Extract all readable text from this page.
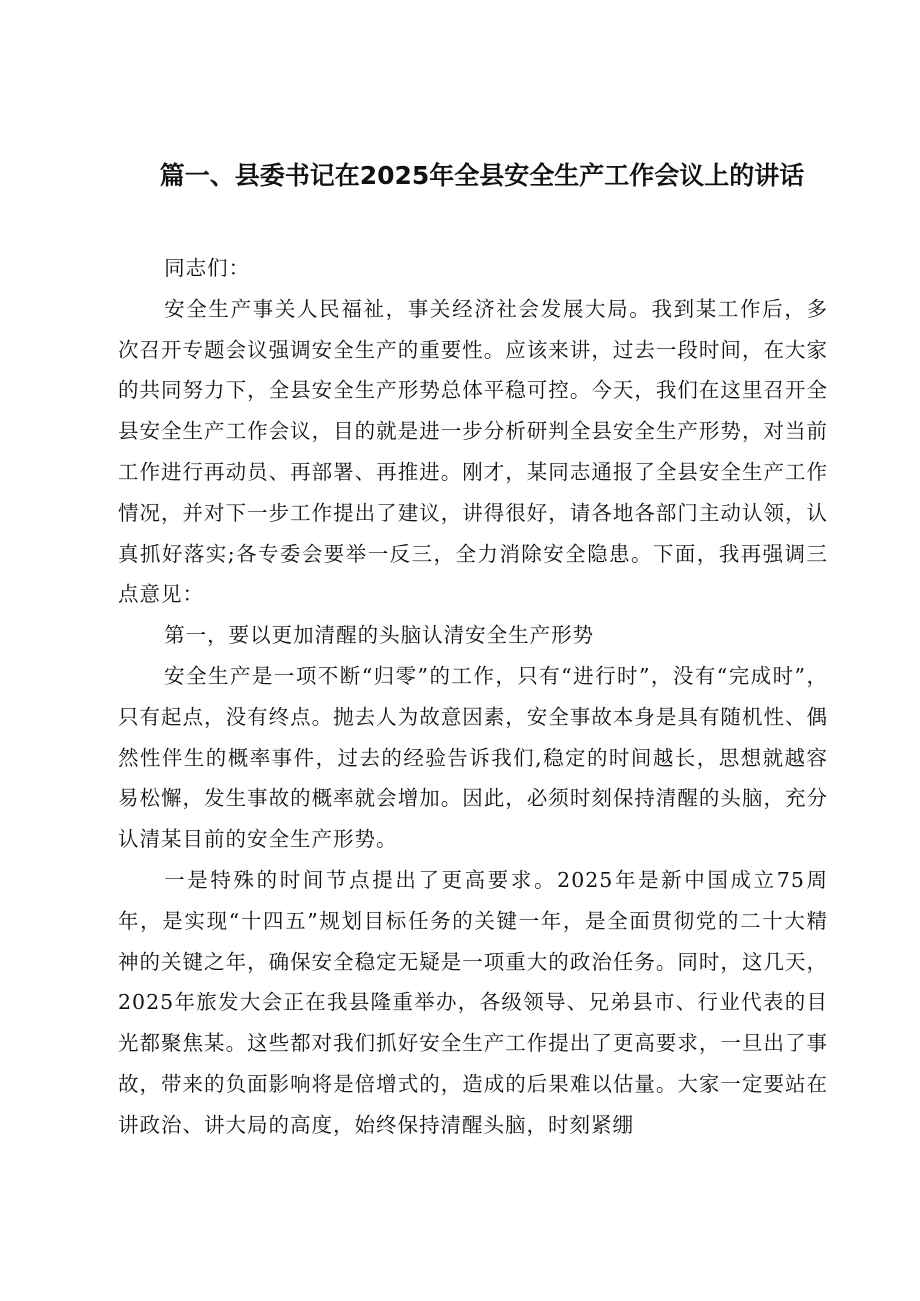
篇一、县委书记在2025年全县安全生产工作会议上的讲话

同志们：

安全生产事关人民福祉，事关经济社会发展大局。我到某工作后，多次召开专题会议强调安全生产的重要性。应该来讲，过去一段时间，在大家的共同努力下，全县安全生产形势总体平稳可控。今天，我们在这里召开全县安全生产工作会议，目的就是进一步分析研判全县安全生产形势，对当前工作进行再动员、再部署、再推进。刚才，某同志通报了全县安全生产工作情况，并对下一步工作提出了建议，讲得很好，请各地各部门主动认领，认真抓好落实;各专委会要举一反三，全力消除安全隐患。下面，我再强调三点意见：

第一，要以更加清醒的头脑认清安全生产形势

安全生产是一项不断“归零”的工作，只有“进行时”，没有“完成时”，只有起点，没有终点。抛去人为故意因素，安全事故本身是具有随机性、偶然性伴生的概率事件，过去的经验告诉我们,稳定的时间越长，思想就越容易松懈，发生事故的概率就会增加。因此，必须时刻保持清醒的头脑，充分认清某目前的安全生产形势。

一是特殊的时间节点提出了更高要求。2025年是新中国成立75周年，是实现“十四五”规划目标任务的关键一年，是全面贯彻党的二十大精神的关键之年，确保安全稳定无疑是一项重大的政治任务。同时，这几天，2025年旅发大会正在我县隆重举办，各级领导、兄弟县市、行业代表的目光都聚焦某。这些都对我们抓好安全生产工作提出了更高要求，一旦出了事故，带来的负面影响将是倍增式的，造成的后果难以估量。大家一定要站在讲政治、讲大局的高度，始终保持清醒头脑，时刻紧绷
